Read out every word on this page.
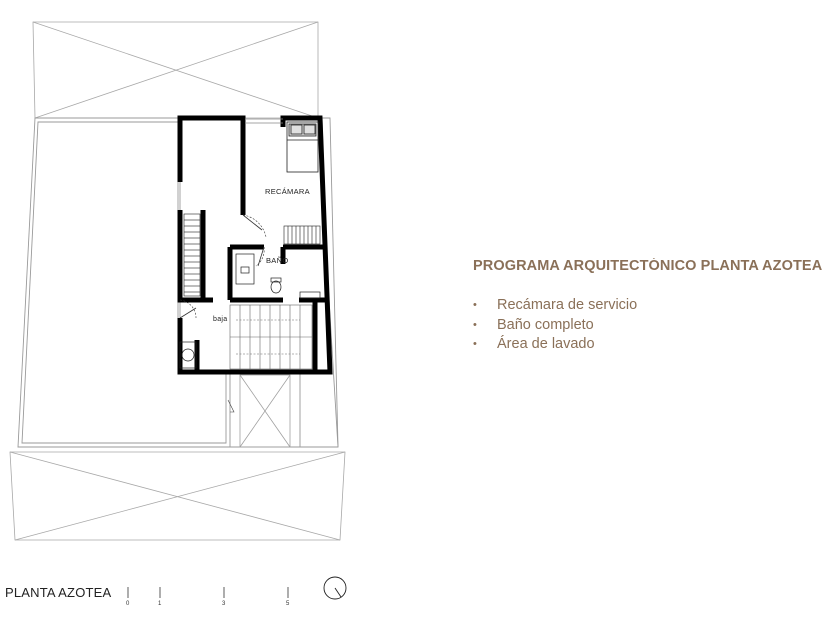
RECÁMARA
BAÑO
baja
PLANTA AZOTEA
0	1	3	5
PROGRAMA ARQUITECTÓNICO PLANTA AZOTEA
• Recámara de servicio
• Baño completo
• Área de lavado
